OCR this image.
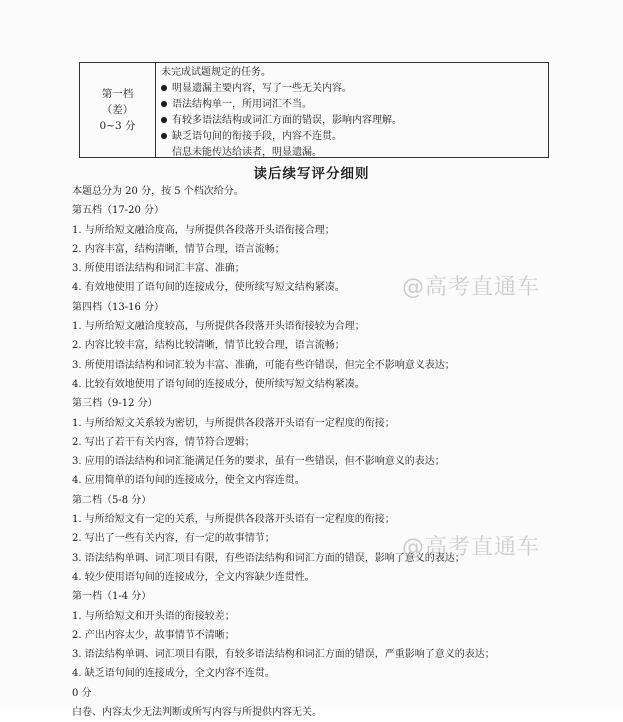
第一档
（差）
0~3 分
未完成试题规定的任务。
明显遗漏主要内容，写了一些无关内容。
语法结构单一，所用词汇不当。
有较多语法结构或词汇方面的错误，影响内容理解。
缺乏语句间的衔接手段，内容不连贯。
信息未能传达给读者，明显遗漏。
读后续写评分细则
本题总分为 20 分，按 5 个档次给分。
第五档（17-20 分）
1. 与所给短文融洽度高，与所提供各段落开头语衔接合理；
2. 内容丰富，结构清晰，情节合理，语言流畅；
3. 所使用语法结构和词汇丰富、准确；
4. 有效地使用了语句间的连接成分，使所续写短文结构紧凑。
第四档（13-16 分）
1. 与所给短文融洽度较高，与所提供各段落开头语衔接较为合理；
2. 内容比较丰富，结构比较清晰，情节比较合理，语言流畅；
3. 所使用语法结构和词汇较为丰富、准确，可能有些许错误，但完全不影响意义表达；
4. 比较有效地使用了语句间的连接成分，使所续写短文结构紧凑。
第三档（9-12 分）
1. 与所给短文关系较为密切，与所提供各段落开头语有一定程度的衔接；
2. 写出了若干有关内容，情节符合逻辑；
3. 应用的语法结构和词汇能满足任务的要求，虽有一些错误，但不影响意义的表达；
4. 应用简单的语句间的连接成分，使全文内容连贯。
第二档（5-8 分）
1. 与所给短文有一定的关系，与所提供各段落开头语有一定程度的衔接；
2. 写出了一些有关内容，有一定的故事情节；
3. 语法结构单调、词汇项目有限，有些语法结构和词汇方面的错误，影响了意义的表达；
4. 较少使用语句间的连接成分，全文内容缺少连贯性。
第一档（1-4 分）
1. 与所给短文和开头语的衔接较差；
2. 产出内容太少，故事情节不清晰；
3. 语法结构单调、词汇项目有限，有较多语法结构和词汇方面的错误，严重影响了意义的表达；
4. 缺乏语句间的连接成分，全文内容不连贯。
0 分
白卷、内容太少无法判断或所写内容与所提供内容无关。
@高考直通车
@高考直通车
